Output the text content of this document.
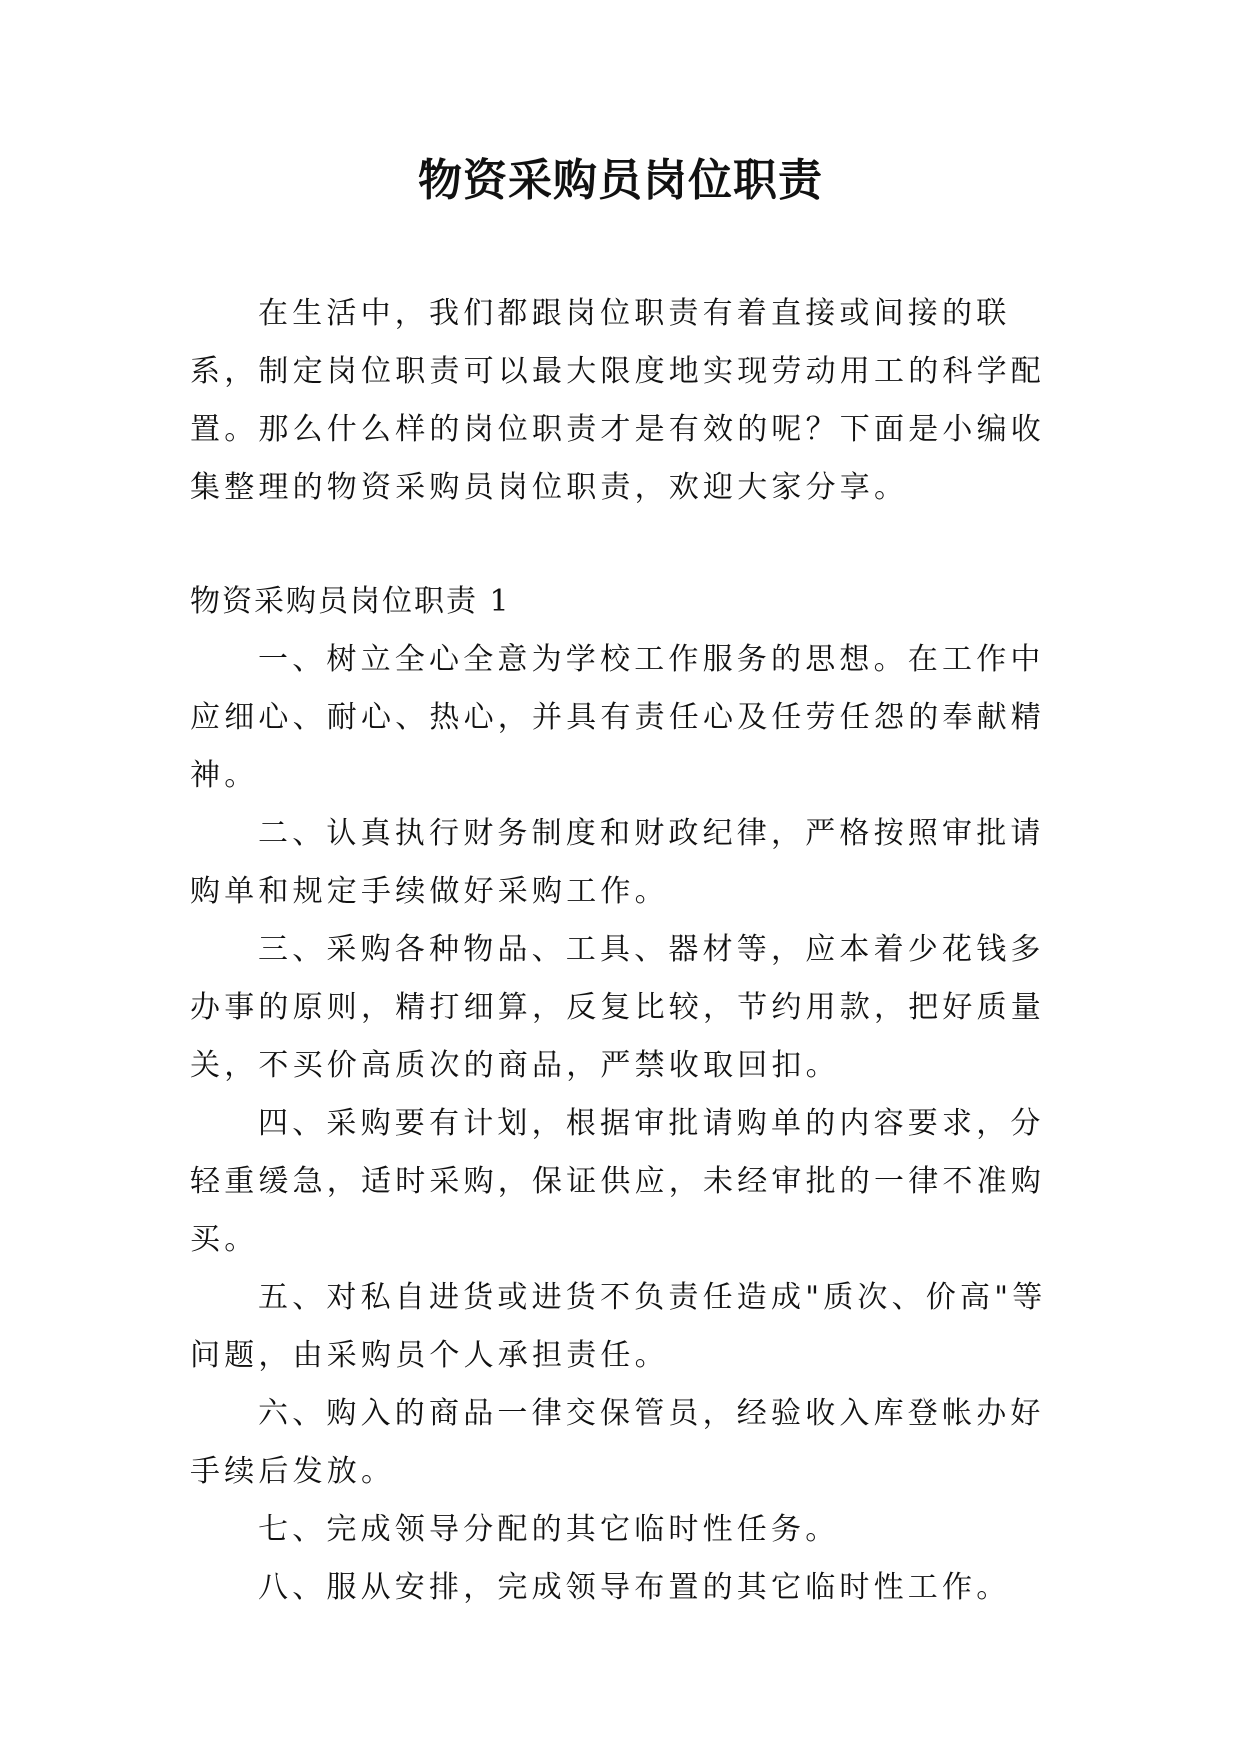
物资采购员岗位职责

在生活中，我们都跟岗位职责有着直接或间接的联系，制定岗位职责可以最大限度地实现劳动用工的科学配置。那么什么样的岗位职责才是有效的呢？下面是小编收集整理的物资采购员岗位职责，欢迎大家分享。

物资采购员岗位职责 1

一、树立全心全意为学校工作服务的思想。在工作中应细心、耐心、热心，并具有责任心及任劳任怨的奉献精神。

二、认真执行财务制度和财政纪律，严格按照审批请购单和规定手续做好采购工作。

三、采购各种物品、工具、器材等，应本着少花钱多办事的原则，精打细算，反复比较，节约用款，把好质量关，不买价高质次的商品，严禁收取回扣。

四、采购要有计划，根据审批请购单的内容要求，分轻重缓急，适时采购，保证供应，未经审批的一律不准购买。

五、对私自进货或进货不负责任造成"质次、价高"等问题，由采购员个人承担责任。

六、购入的商品一律交保管员，经验收入库登帐办好手续后发放。

七、完成领导分配的其它临时性任务。

八、服从安排，完成领导布置的其它临时性工作。
